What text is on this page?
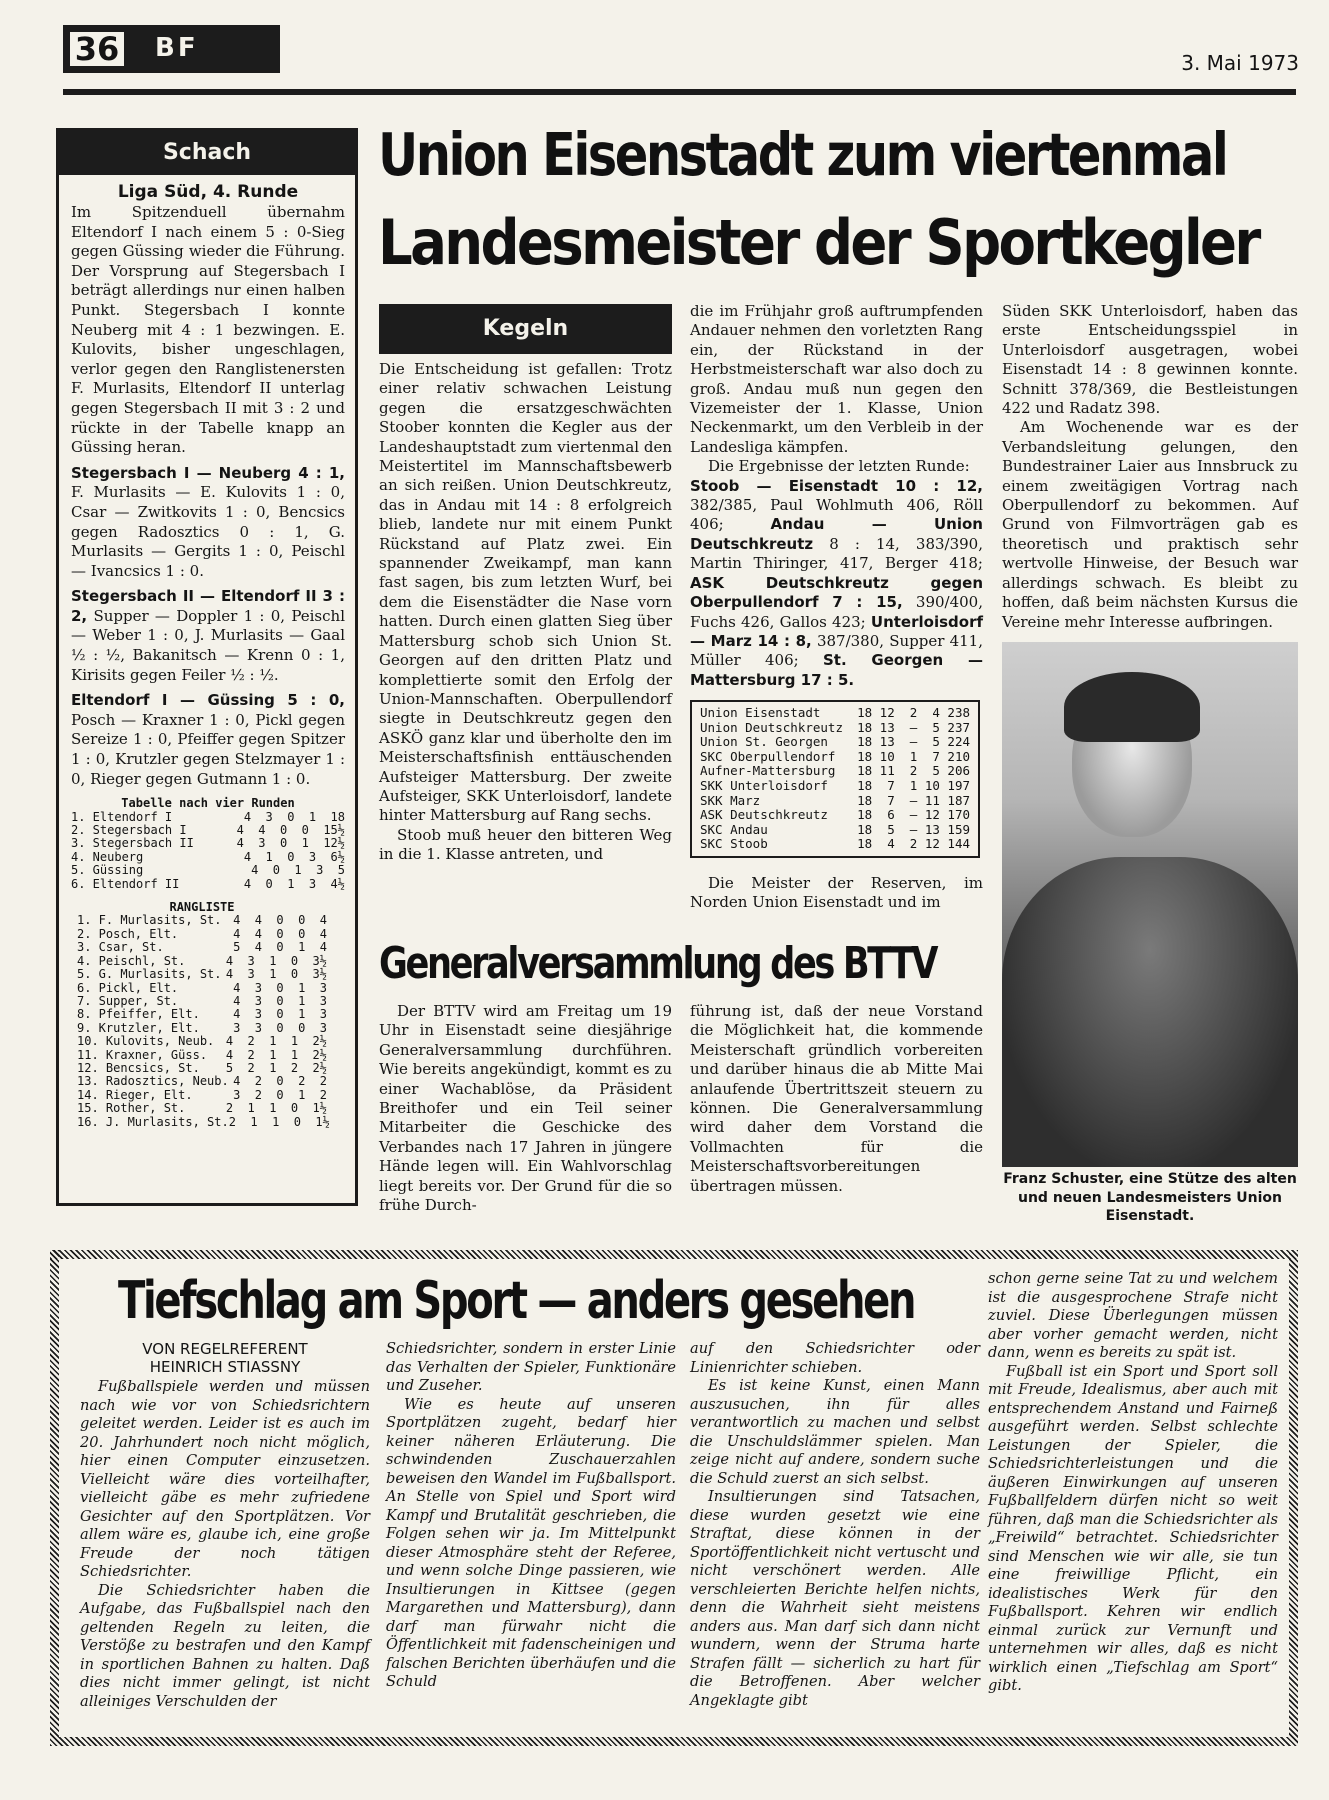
36 BF	3. Mai 1973
Schach
Liga Süd, 4. Runde

Im Spitzenduell übernahm Eltendorf I nach einem 5 : 0-Sieg gegen Güssing wieder die Führung. Der Vorsprung auf Stegersbach I beträgt allerdings nur einen halben Punkt. Stegersbach I konnte Neuberg mit 4 : 1 bezwingen. E. Kulovits, bisher ungeschlagen, verlor gegen den Ranglistenersten F. Murlasits, Eltendorf II unterlag gegen Stegersbach II mit 3 : 2 und rückte in der Tabelle knapp an Güssing heran.

Stegersbach I — Neuberg 4 : 1, F. Murlasits — E. Kulovits 1 : 0, Csar — Zwitkovits 1 : 0, Bencsics gegen Radosztics 0 : 1, G. Murlasits — Gergits 1 : 0, Peischl — Ivancsics 1 : 0.

Stegersbach II — Eltendorf II 3 : 2, Supper — Doppler 1 : 0, Peischl — Weber 1 : 0, J. Murlasits — Gaal ½ : ½, Bakanitsch — Krenn 0 : 1, Kirisits gegen Feiler ½ : ½.

Eltendorf I — Güssing 5 : 0, Posch — Kraxner 1 : 0, Pickl gegen Sereize 1 : 0, Pfeiffer gegen Spitzer 1 : 0, Krutzler gegen Stelzmayer 1 : 0, Rieger gegen Gutmann 1 : 0.

Tabelle nach vier Runden
1. Eltendorf I	4  3  0  1  18
2. Stegersbach I	4  4  0  0  15½
3. Stegersbach II	4  3  0  1  12½
4. Neuberg	4  1  0  3  6½
5. Güssing	4  0  1  3  5
6. Eltendorf II	4  0  1  3  4½
RANGLISTE
1. F. Murlasits, St. 4  4  0  0  4
2. Posch, Elt.	4  4  0  0  4
3. Csar, St.	5  4  0  1  4
4. Peischl, St.	4  3  1  0  3½
5. G. Murlasits, St. 4  3  1  0  3½
6. Pickl, Elt.	4  3  0  1  3
7. Supper, St.	4  3  0  1  3
8. Pfeiffer, Elt.	4  3  0  1  3
9. Krutzler, Elt.	3  3  0  0  3
10. Kulovits, Neub. 4  2  1  1  2½
11. Kraxner, Güss. 4  2  1  1  2½
12. Bencsics, St. 5  2  1  2  2½
13. Radosztics, Neub. 4  2  0  2  2
14. Rieger, Elt.	3  2  0  1  2
15. Rother, St.	2  1  1  0  1½
16. J. Murlasits, St. 2  1  1  0  1½
Union Eisenstadt zum viertenmal
Landesmeister der Sportkegler
Kegeln

Die Entscheidung ist gefallen: Trotz einer relativ schwachen Leistung gegen die ersatzgeschwächten Stoober konnten die Kegler aus der Landeshauptstadt zum viertenmal den Meistertitel im Mannschaftsbewerb an sich reißen. Union Deutschkreutz, das in Andau mit 14 : 8 erfolgreich blieb, landete nur mit einem Punkt Rückstand auf Platz zwei. Ein spannender Zweikampf, man kann fast sagen, bis zum letzten Wurf, bei dem die Eisenstädter die Nase vorn hatten. Durch einen glatten Sieg über Mattersburg schob sich Union St. Georgen auf den dritten Platz und komplettierte somit den Erfolg der Union-Mannschaften. Oberpullendorf siegte in Deutschkreutz gegen den ASKÖ ganz klar und überholte den im Meisterschaftsfinish enttäuschenden Aufsteiger Mattersburg. Der zweite Aufsteiger, SKK Unterloisdorf, landete hinter Mattersburg auf Rang sechs.

Stoob muß heuer den bitteren Weg in die 1. Klasse antreten, und

die im Frühjahr groß auftrumpfenden Andauer nehmen den vorletzten Rang ein, der Rückstand in der Herbstmeisterschaft war also doch zu groß. Andau muß nun gegen den Vizemeister der 1. Klasse, Union Neckenmarkt, um den Verbleib in der Landesliga kämpfen.

Die Ergebnisse der letzten Runde:

Stoob — Eisenstadt 10 : 12, 382/385, Paul Wohlmuth 406, Röll 406; Andau — Union Deutschkreutz 8 : 14, 383/390, Martin Thiringer, 417, Berger 418; ASK Deutschkreutz gegen Oberpullendorf 7 : 15, 390/400, Fuchs 426, Gallos 423; Unterloisdorf — Marz 14 : 8, 387/380, Supper 411, Müller 406; St. Georgen — Mattersburg 17 : 5.

Union Eisenstadt	18 12  2  4 238
Union Deutschkreutz 18 13  —  5 237
Union St. Georgen 18 13  —  5 224
SKC Oberpullendorf 18 10  1  7 210
Aufner-Mattersburg 18 11  2  5 206
SKK Unterloisdorf 18  7  1 10 197
SKK Marz	18  7  — 11 187
ASK Deutschkreutz 18  6  — 12 170
SKC Andau	18  5  — 13 159
SKC Stoob	18  4  2 12 144

Die Meister der Reserven, im Norden Union Eisenstadt und im

Süden SKK Unterloisdorf, haben das erste Entscheidungsspiel in Unterloisdorf ausgetragen, wobei Eisenstadt 14 : 8 gewinnen konnte. Schnitt 378/369, die Bestleistungen 422 und Radatz 398.

Am Wochenende war es der Verbandsleitung gelungen, den Bundestrainer Laier aus Innsbruck zu einem zweitägigen Vortrag nach Oberpullendorf zu bekommen. Auf Grund von Filmvorträgen gab es theoretisch und praktisch sehr wertvolle Hinweise, der Besuch war allerdings schwach. Es bleibt zu hoffen, daß beim nächsten Kursus die Vereine mehr Interesse aufbringen.

Franz Schuster, eine Stütze des alten und neuen Landesmeisters Union Eisenstadt.
Generalversammlung des BTTV

Der BTTV wird am Freitag um 19 Uhr in Eisenstadt seine diesjährige Generalversammlung durchführen. Wie bereits angekündigt, kommt es zu einer Wachablöse, da Präsident Breithofer und ein Teil seiner Mitarbeiter die Geschicke des Verbandes nach 17 Jahren in jüngere Hände legen will. Ein Wahlvorschlag liegt bereits vor. Der Grund für die so frühe Durch-

führung ist, daß der neue Vorstand die Möglichkeit hat, die kommende Meisterschaft gründlich vorbereiten und darüber hinaus die ab Mitte Mai anlaufende Übertrittszeit steuern zu können. Die Generalversammlung wird daher dem Vorstand die Vollmachten für die Meisterschaftsvorbereitungen übertragen müssen.

Tiefschlag am Sport — anders gesehen
VON REGELREFERENT
HEINRICH STIASSNY

Fußballspiele werden und müssen nach wie vor von Schiedsrichtern geleitet werden. Leider ist es auch im 20. Jahrhundert noch nicht möglich, hier einen Computer einzusetzen. Vielleicht wäre dies vorteilhafter, vielleicht gäbe es mehr zufriedene Gesichter auf den Sportplätzen. Vor allem wäre es, glaube ich, eine große Freude der noch tätigen Schiedsrichter.

Die Schiedsrichter haben die Aufgabe, das Fußballspiel nach den geltenden Regeln zu leiten, die Verstöße zu bestrafen und den Kampf in sportlichen Bahnen zu halten. Daß dies nicht immer gelingt, ist nicht alleiniges Verschulden der

Schiedsrichter, sondern in erster Linie das Verhalten der Spieler, Funktionäre und Zuseher.

Wie es heute auf unseren Sportplätzen zugeht, bedarf hier keiner näheren Erläuterung. Die schwindenden Zuschauerzahlen beweisen den Wandel im Fußballsport. An Stelle von Spiel und Sport wird Kampf und Brutalität geschrieben, die Folgen sehen wir ja. Im Mittelpunkt dieser Atmosphäre steht der Referee, und wenn solche Dinge passieren, wie Insultierungen in Kittsee (gegen Margarethen und Mattersburg), dann darf man fürwahr nicht die Öffentlichkeit mit fadenscheinigen und falschen Berichten überhäufen und die Schuld

auf den Schiedsrichter oder Linienrichter schieben.

Es ist keine Kunst, einen Mann auszusuchen, ihn für alles verantwortlich zu machen und selbst die Unschuldslämmer spielen. Man zeige nicht auf andere, sondern suche die Schuld zuerst an sich selbst.

Insultierungen sind Tatsachen, diese wurden gesetzt wie eine Straftat, diese können in der Sportöffentlichkeit nicht vertuscht und nicht verschönert werden. Alle verschleierten Berichte helfen nichts, denn die Wahrheit sieht meistens anders aus. Man darf sich dann nicht wundern, wenn der Struma harte Strafen fällt — sicherlich zu hart für die Betroffenen. Aber welcher Angeklagte gibt

schon gerne seine Tat zu und welchem ist die ausgesprochene Strafe nicht zuviel. Diese Überlegungen müssen aber vorher gemacht werden, nicht dann, wenn es bereits zu spät ist.

Fußball ist ein Sport und Sport soll mit Freude, Idealismus, aber auch mit entsprechendem Anstand und Fairneß ausgeführt werden. Selbst schlechte Leistungen der Spieler, die Schiedsrichterleistungen und die äußeren Einwirkungen auf unseren Fußballfeldern dürfen nicht so weit führen, daß man die Schiedsrichter als „Freiwild“ betrachtet. Schiedsrichter sind Menschen wie wir alle, sie tun eine freiwillige Pflicht, ein idealistisches Werk für den Fußballsport. Kehren wir endlich einmal zurück zur Vernunft und unternehmen wir alles, daß es nicht wirklich einen „Tiefschlag am Sport“ gibt.
